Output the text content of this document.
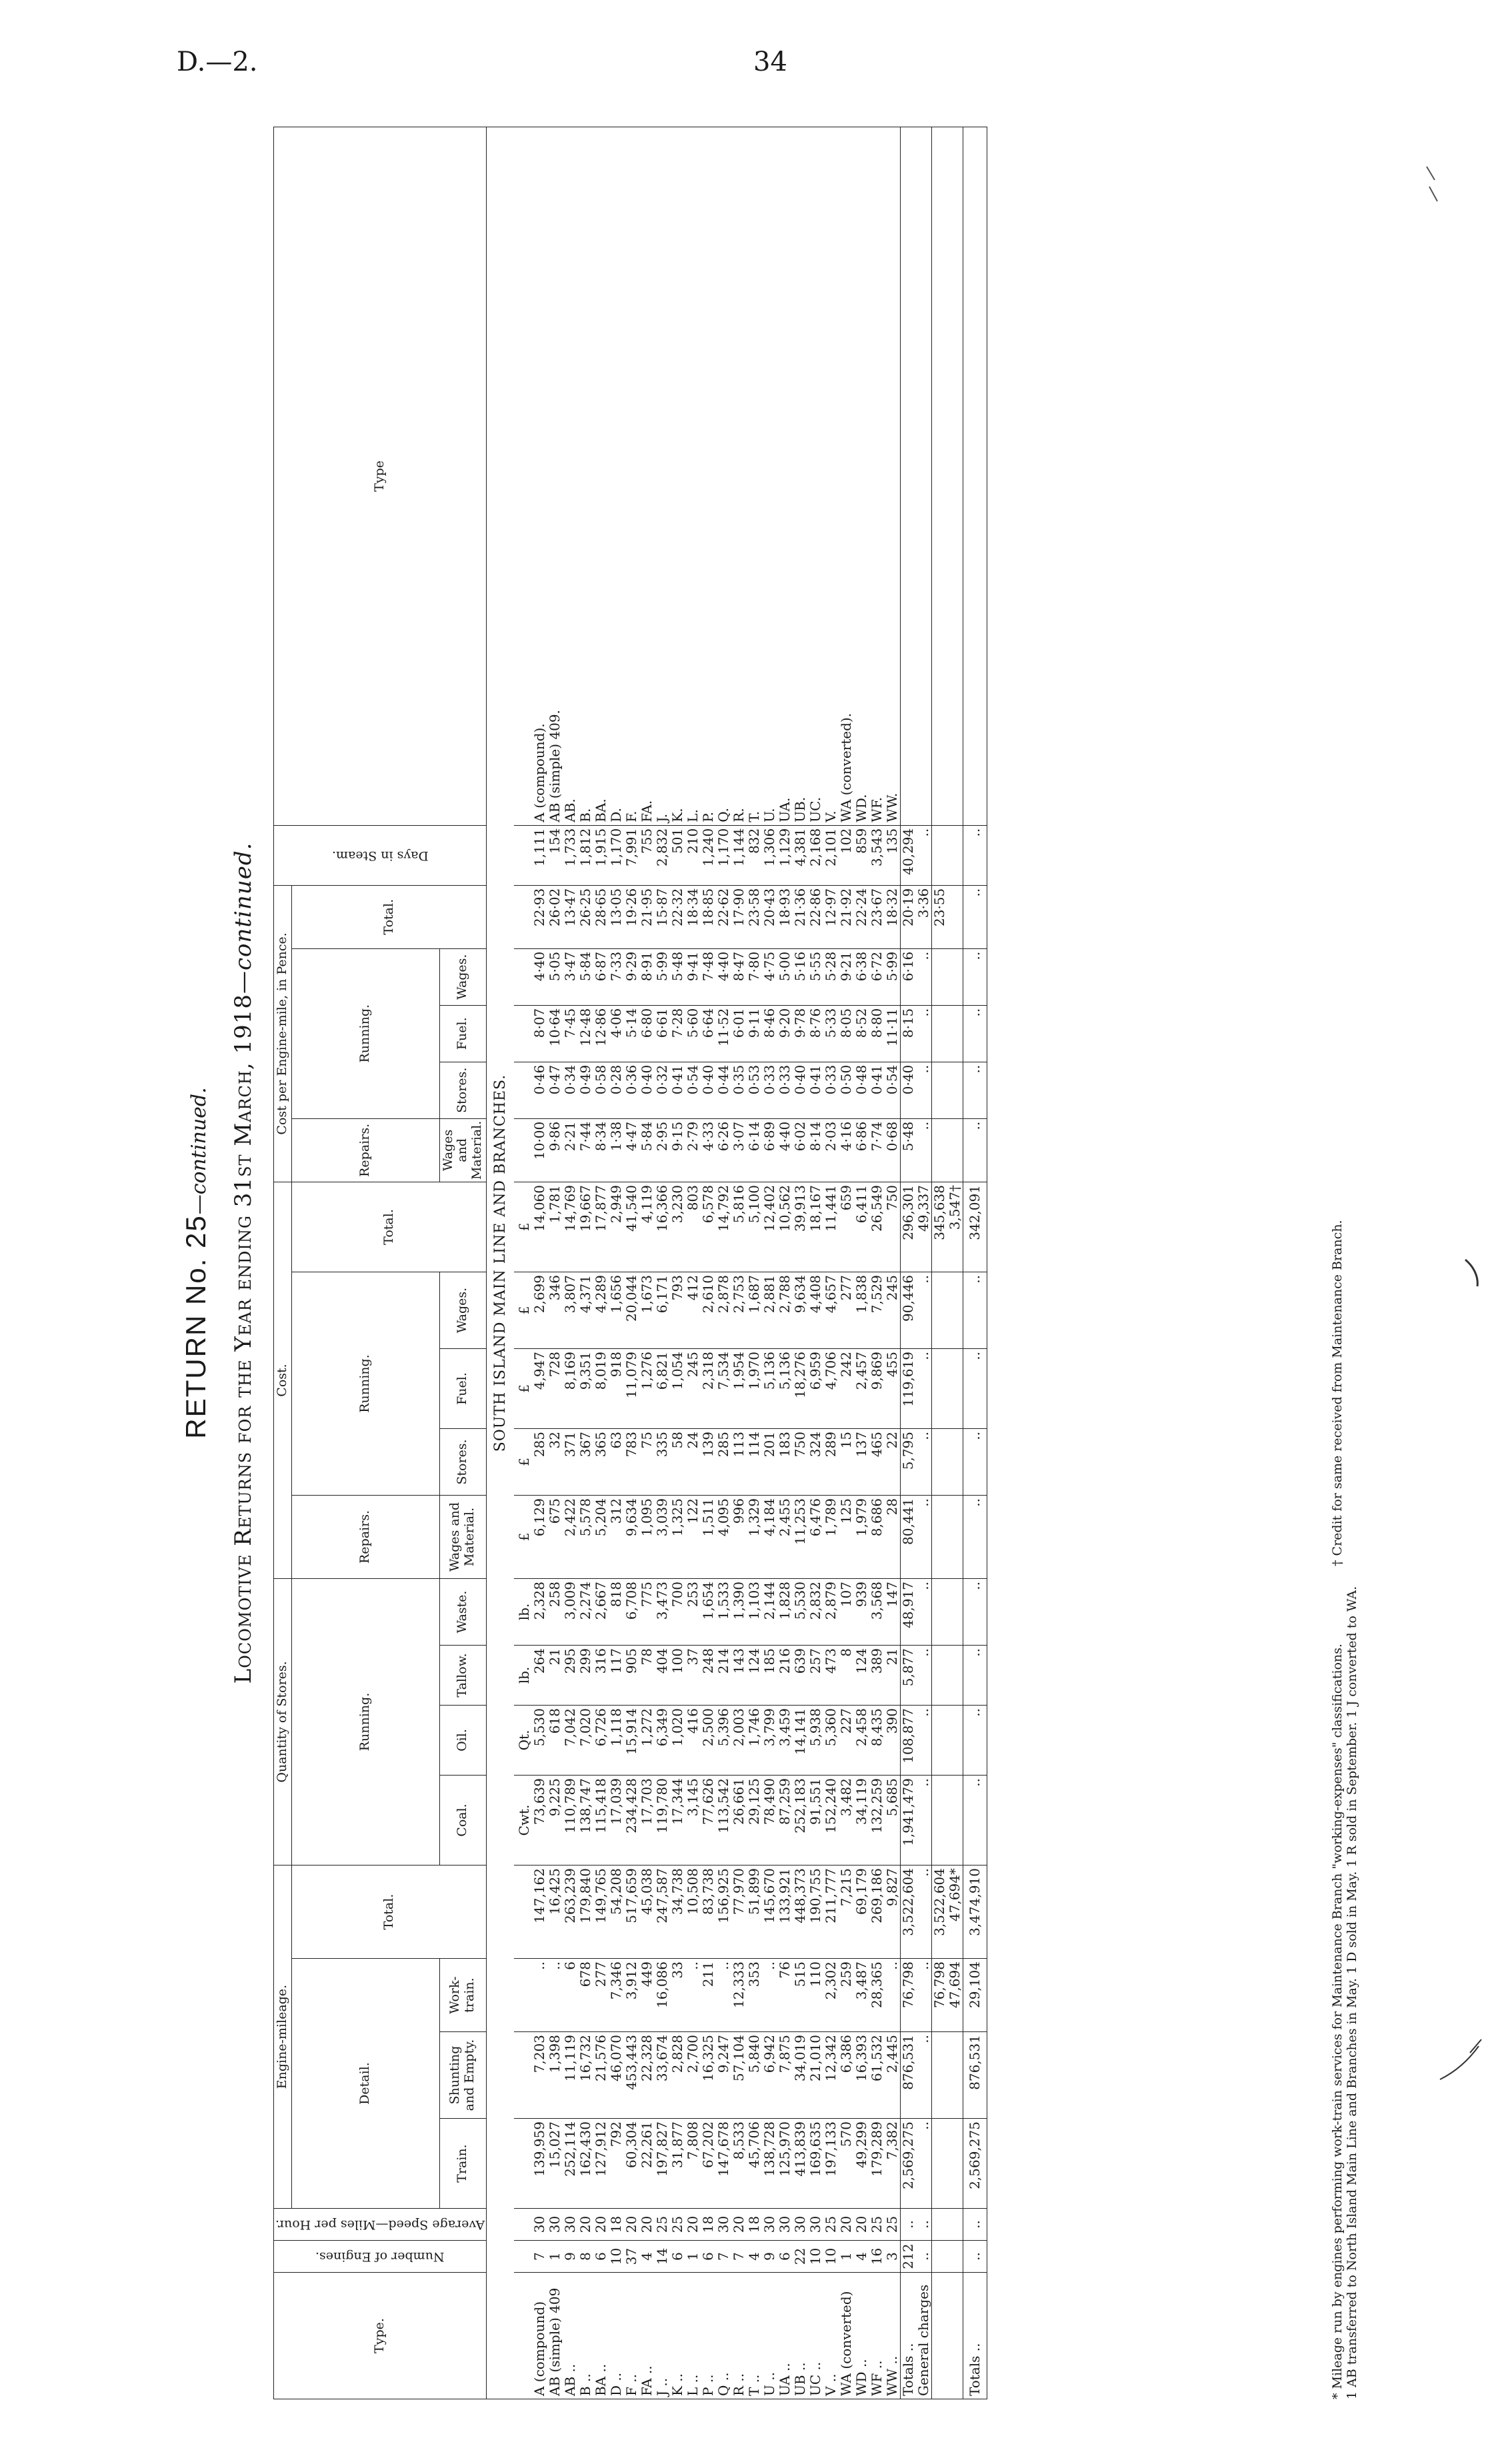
D.—2.	34
RETURN No. 25—continued. Locomotive Returns for the Year ending 31st March, 1918—continued.
Type.	Number of Engines.	Average Speed—Miles per Hour.	Engine-mileage.				Quantity of Stores.				Cost.					Cost per Engine-mile, in Pence.					Days in Steam.	Type
			Detail.			Total.	Running.				Repairs.	Running.			Total.	Repairs.	Running.			Total.		
			Train.	Shunting and Empty.	Work-train.		Coal.	Oil.	Tallow.	Waste.	Wages and Material.	Stores.	Fuel.	Wages.		Wages and Material.	Stores.	Fuel.	Wages.			
SOUTH ISLAND MAIN LINE AND BRANCHES.																						
							Cwt.	Qt.	lb.	lb.	£	£	£	£	£							
A (compound)	7	30	139,959	7,203	..	147,162	73,639	5,530	264	2,328	6,129	285	4,947	2,699	14,060	10·00	0·46	8·07	4·40	22·93	1,111	A (compound).
AB (simple) 409	1	30	15,027	1,398	..	16,425	9,225	618	21	258	675	32	728	346	1,781	9·86	0·47	10·64	5·05	26·02	154	AB (simple) 409.
AB ..	9	30	252,114	11,119	6	263,239	110,789	7,042	295	3,009	2,422	371	8,169	3,807	14,769	2·21	0·34	7·45	3·47	13·47	1,733	AB.
B ..	8	20	162,430	16,732	678	179,840	138,747	7,020	299	2,274	5,578	367	9,351	4,371	19,667	7·44	0·49	12·48	5·84	26·25	1,812	B.
BA ..	6	20	127,912	21,576	277	149,765	115,418	6,726	316	2,667	5,204	365	8,019	4,289	17,877	8·34	0·58	12·86	6·87	28·65	1,915	BA.
D ..	10	18	792	46,070	7,346	54,208	17,039	1,118	117	818	312	63	918	1,656	2,949	1·38	0·28	4·06	7·33	13·05	1,170	D.
F ..	37	20	60,304	453,443	3,912	517,659	234,428	15,914	905	6,708	9,634	783	11,079	20,044	41,540	4·47	0·36	5·14	9·29	19·26	7,991	F.
FA ..	4	20	22,261	22,328	449	45,038	17,703	1,272	78	775	1,095	75	1,276	1,673	4,119	5·84	0·40	6·80	8·91	21·95	755	FA.
J ..	14	25	197,827	33,674	16,086	247,587	119,780	6,349	404	3,473	3,039	335	6,821	6,171	16,366	2·95	0·32	6·61	5·99	15·87	2,832	J.
K ..	6	25	31,877	2,828	33	34,738	17,344	1,020	100	700	1,325	58	1,054	793	3,230	9·15	0·41	7·28	5·48	22·32	501	K.
L ..	1	20	7,808	2,700	..	10,508	3,145	416	37	253	122	24	245	412	803	2·79	0·54	5·60	9·41	18·34	210	L.
P ..	6	18	67,202	16,325	211	83,738	77,626	2,500	248	1,654	1,511	139	2,318	2,610	6,578	4·33	0·40	6·64	7·48	18·85	1,240	P.
Q ..	7	30	147,678	9,247	..	156,925	113,542	5,396	214	1,533	4,095	285	7,534	2,878	14,792	6·26	0·44	11·52	4·40	22·62	1,170	Q.
R ..	7	20	8,533	57,104	12,333	77,970	26,661	2,003	143	1,390	996	113	1,954	2,753	5,816	3·07	0·35	6·01	8·47	17·90	1,144	R.
T ..	4	18	45,706	5,840	353	51,899	29,125	1,746	124	1,103	1,329	114	1,970	1,687	5,100	6·14	0·53	9·11	7·80	23·58	832	T.
U ..	9	30	138,728	6,942	..	145,670	78,490	3,799	185	2,144	4,184	201	5,136	2,881	12,402	6·89	0·33	8·46	4·75	20·43	1,306	U.
UA ..	6	30	125,970	7,875	76	133,921	87,259	3,459	216	1,828	2,455	183	5,136	2,788	10,562	4·40	0·33	9·20	5·00	18·93	1,129	UA.
UB ..	22	30	413,839	34,019	515	448,373	252,183	14,141	639	5,530	11,253	750	18,276	9,634	39,913	6·02	0·40	9·78	5·16	21·36	4,381	UB.
UC ..	10	30	169,635	21,010	110	190,755	91,551	5,938	257	2,832	6,476	324	6,959	4,408	18,167	8·14	0·41	8·76	5·55	22·86	2,168	UC.
V ..	10	25	197,133	12,342	2,302	211,777	152,240	5,360	473	2,879	1,789	289	4,706	4,657	11,441	2·03	0·33	5·33	5·28	12·97	2,101	V.
WA (converted)	1	20	570	6,386	259	7,215	3,482	227	8	107	125	15	242	277	659	4·16	0·50	8·05	9·21	21·92	102	WA (converted).
WD ..	4	20	49,299	16,393	3,487	69,179	34,119	2,458	124	939	1,979	137	2,457	1,838	6,411	6·86	0·48	8·52	6·38	22·24	859	WD.
WF ..	16	25	179,289	61,532	28,365	269,186	132,259	8,435	389	3,568	8,686	465	9,869	7,529	26,549	7·74	0·41	8·80	6·72	23·67	3,543	WF.
WW ..	3	25	7,382	2,445	..	9,827	5,685	390	21	147	28	22	455	245	750	0·68	0·54	11·11	5·99	18·32	135	WW.
Totals ..	212	..	2,569,275	876,531	76,798	3,522,604	1,941,479	108,877	5,877	48,917	80,441	5,795	119,619	90,446	296,301	5·48	0·40	8·15	6·16	20·19	40,294	
General charges	..	..	..	..	..	..	..	..	..	..	..	..	..	..	49,337	..	..	..	..	3·36	..	
					76,798	3,522,604									345,638					23·55		
					47,694	47,694*									3,547†							
Totals ..	..	..	2,569,275	876,531	29,104	3,474,910	..	..	..	..	..	..	..	..	342,091	..	..	..	..	..	..	
* Mileage run by engines performing work-train services for Maintenance Branch "working-expenses" classifications.
† Credit for same received from Maintenance Branch.
1 AB transferred to North Island Main Line and Branches in May. 1 D sold in May. 1 R sold in September. 1 J converted to WA.
